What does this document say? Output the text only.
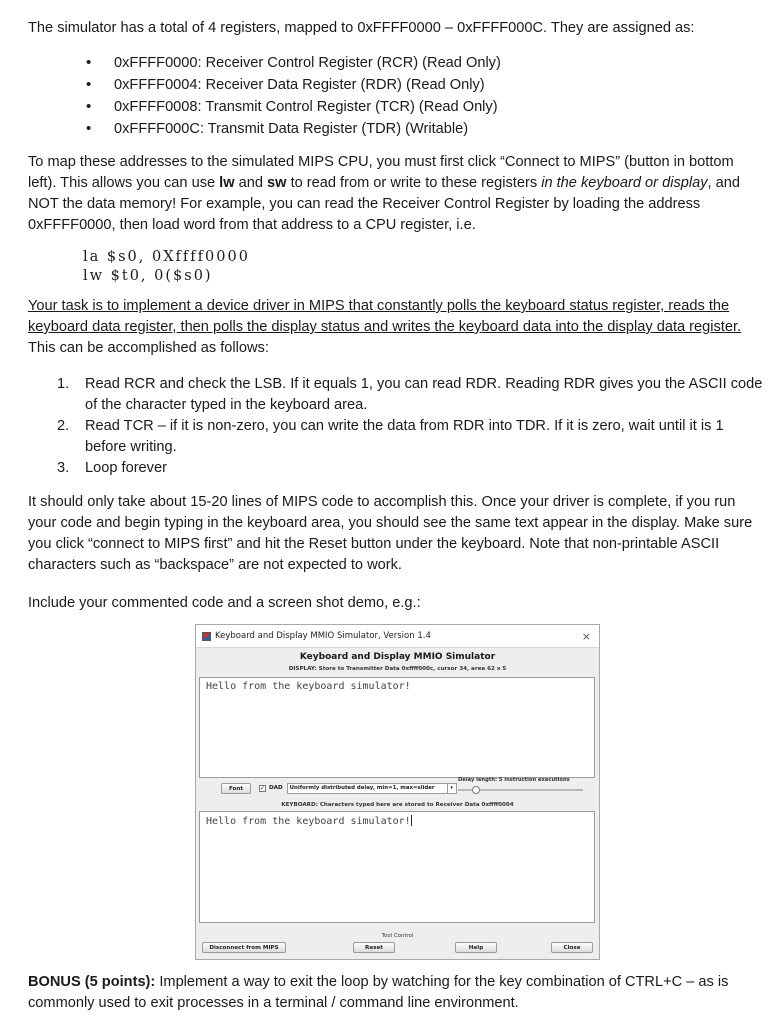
The simulator has a total of 4 registers, mapped to 0xFFFF0000 – 0xFFFF000C. They are assigned as:

• 0xFFFF0000: Receiver Control Register (RCR) (Read Only)
• 0xFFFF0004: Receiver Data Register (RDR) (Read Only)
• 0xFFFF0008: Transmit Control Register (TCR) (Read Only)
• 0xFFFF000C: Transmit Data Register (TDR) (Writable)

To map these addresses to the simulated MIPS CPU, you must first click “Connect to MIPS” (button in bottom left). This allows you can use lw and sw to read from or write to these registers in the keyboard or display, and NOT the data memory! For example, you can read the Receiver Control Register by loading the address 0xFFFF0000, then load word from that address to a CPU register, i.e.

la $s0, 0Xffff0000
lw $t0, 0($s0)

Your task is to implement a device driver in MIPS that constantly polls the keyboard status register, reads the keyboard data register, then polls the display status and writes the keyboard data into the display data register. This can be accomplished as follows:

1. Read RCR and check the LSB. If it equals 1, you can read RDR. Reading RDR gives you the ASCII code of the character typed in the keyboard area.
2. Read TCR – if it is non-zero, you can write the data from RDR into TDR. If it is zero, wait until it is 1 before writing.
3. Loop forever

It should only take about 15-20 lines of MIPS code to accomplish this. Once your driver is complete, if you run your code and begin typing in the keyboard area, you should see the same text appear in the display. Make sure you click “connect to MIPS first” and hit the Reset button under the keyboard. Note that non-printable ASCII characters such as “backspace” are not expected to work.

Include your commented code and a screen shot demo, e.g.:

BONUS (5 points): Implement a way to exit the loop by watching for the key combination of CTRL+C – as is commonly used to exit processes in a terminal / command line environment.

Keyboard and Display MMIO Simulator, Version 1.4	×
Keyboard and Display MMIO Simulator
DISPLAY: Store to Transmitter Data 0xffff000c, cursor 34, area 62 x 5
Hello from the keyboard simulator!
Font	✓ DAD Uniformly distributed delay, min=1, max=slider	▾
Delay length: 5 instruction executions
KEYBOARD: Characters typed here are stored to Receiver Data 0xffff0004
Hello from the keyboard simulator!
Tool Control
Disconnect from MIPS	Reset	Help	Close
